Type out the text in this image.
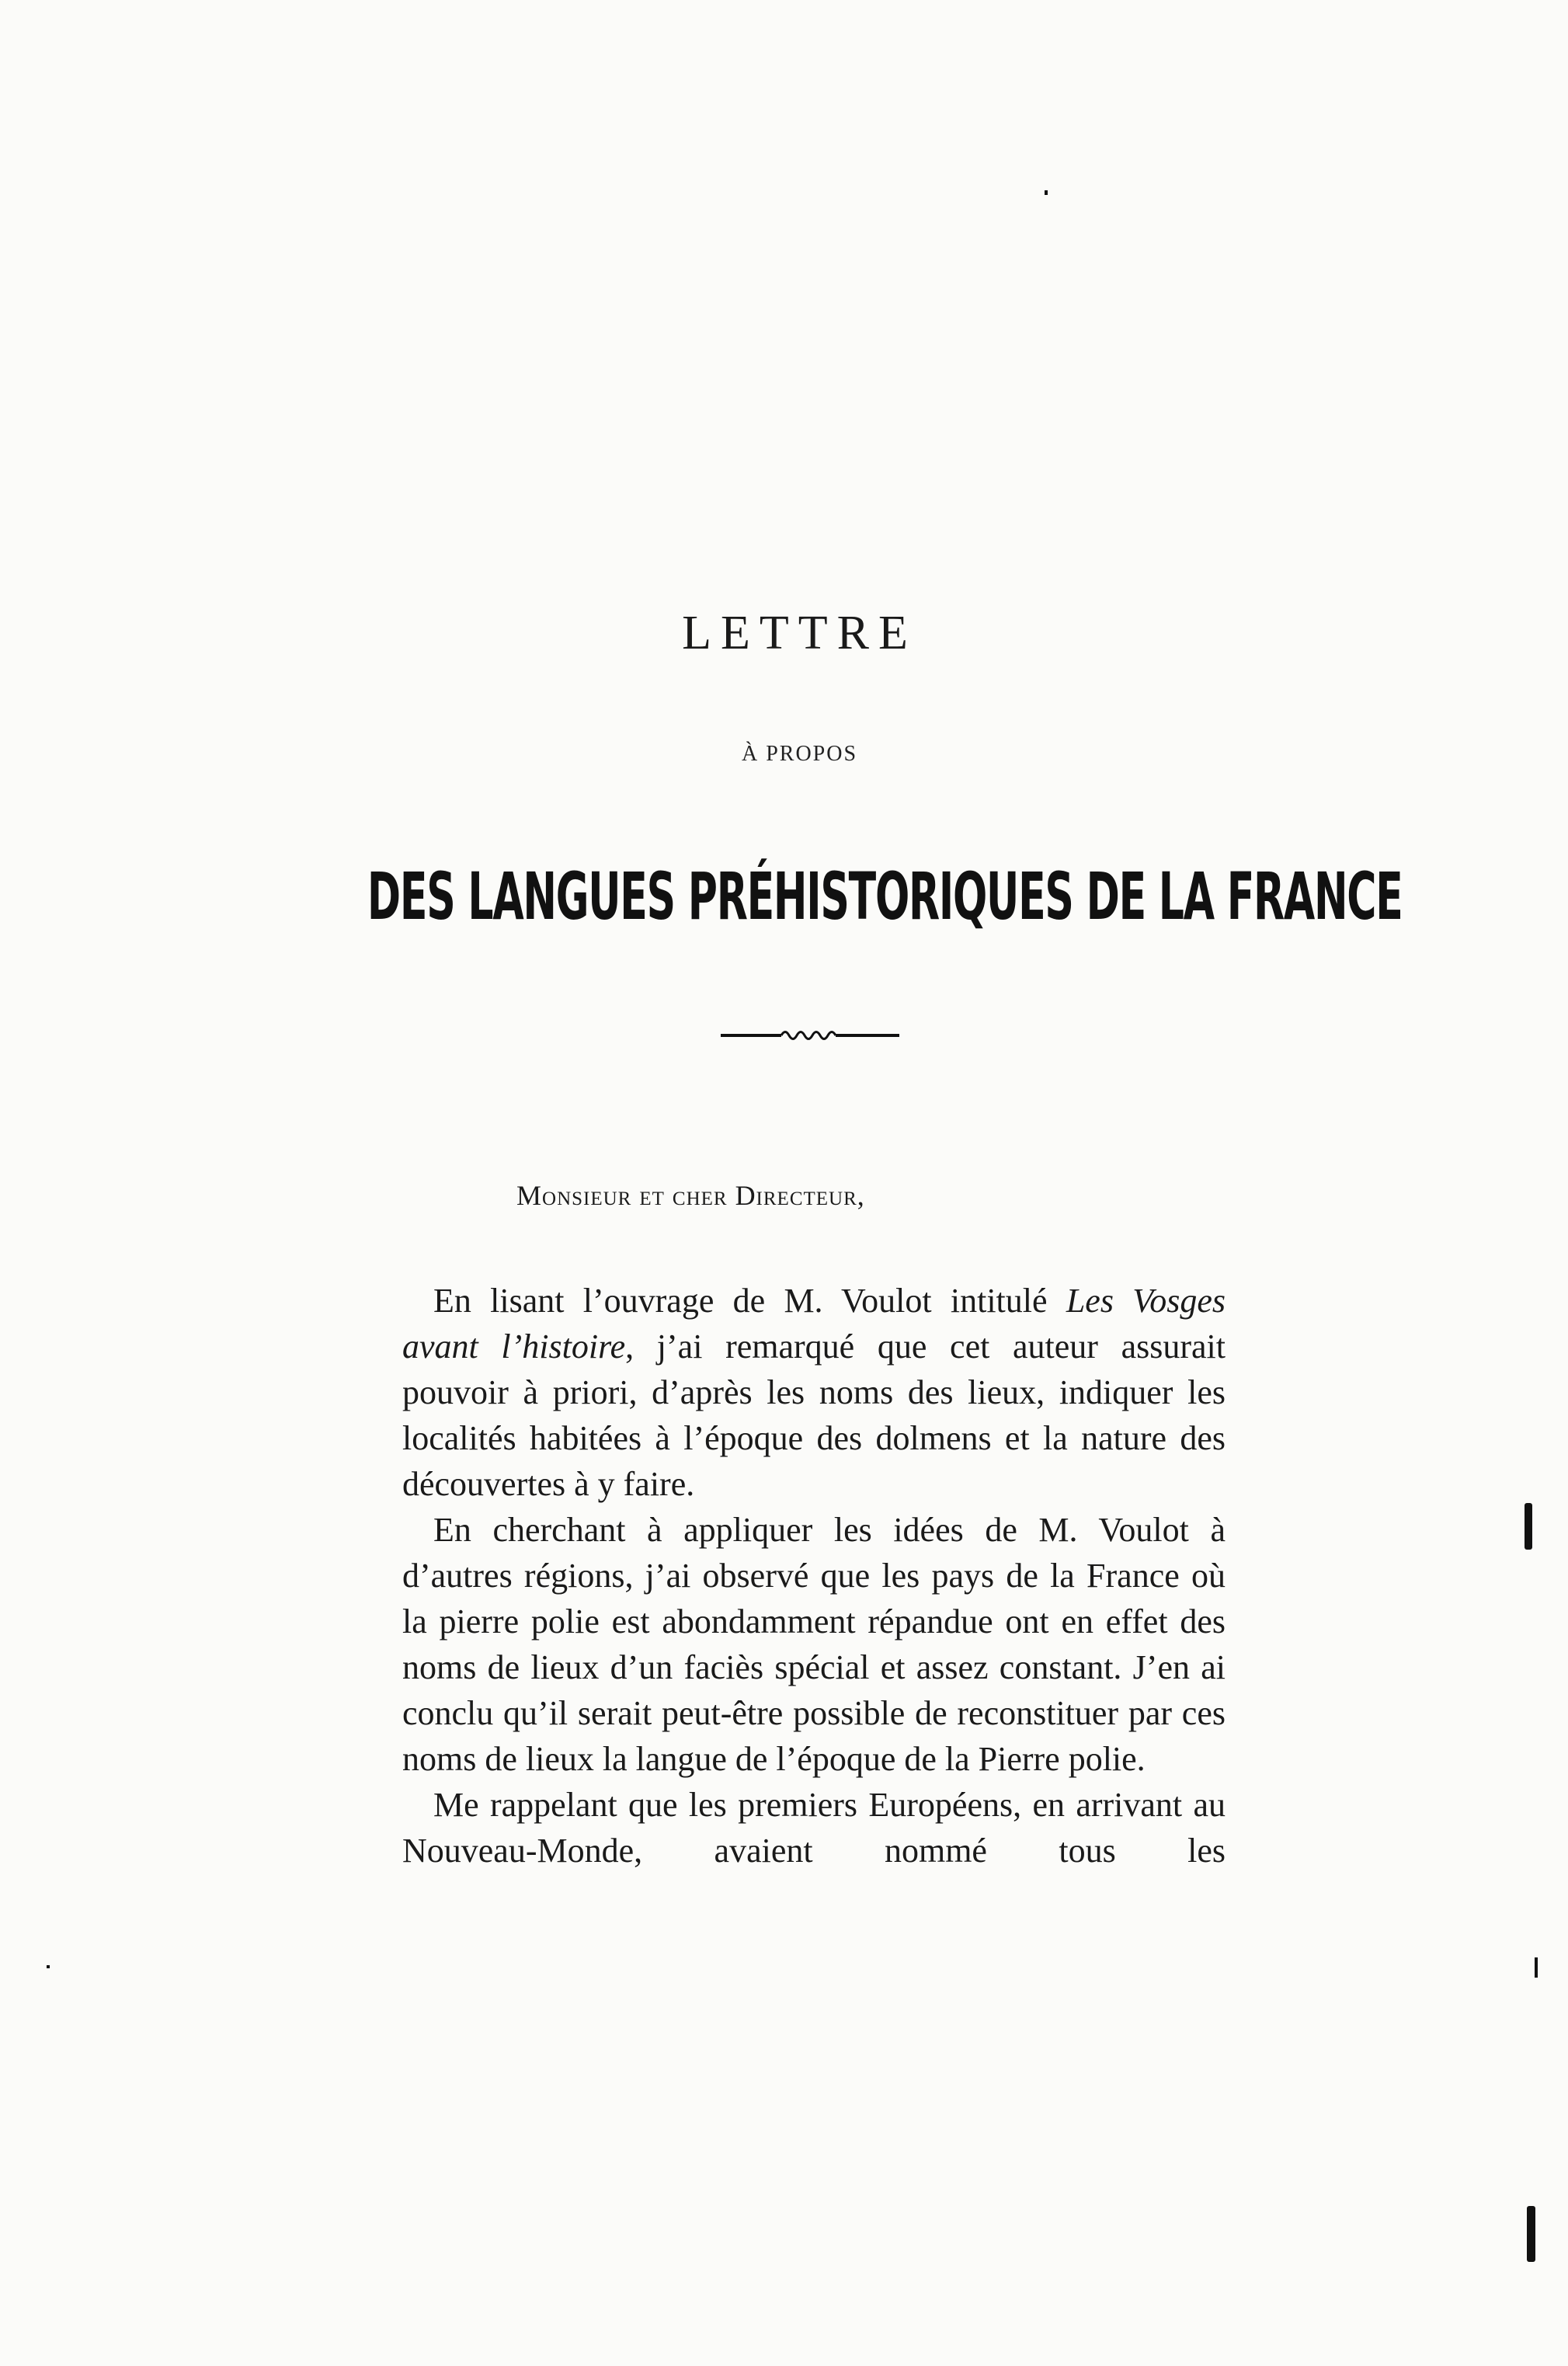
LETTRE
À PROPOS
DES LANGUES PRÉHISTORIQUES DE LA FRANCE
Monsieur et cher Directeur,

En lisant l’ouvrage de M. Voulot intitulé Les Vosges avant l’histoire, j’ai remarqué que cet auteur assurait pouvoir à priori, d’après les noms des lieux, indiquer les localités habitées à l’époque des dolmens et la nature des découvertes à y faire.

En cherchant à appliquer les idées de M. Voulot à d’autres régions, j’ai observé que les pays de la France où la pierre polie est abondamment répandue ont en effet des noms de lieux d’un faciès spécial et assez constant. J’en ai conclu qu’il serait peut-être possible de reconstituer par ces noms de lieux la langue de l’époque de la Pierre polie.

Me rappelant que les premiers Européens, en arrivant au Nouveau-Monde, avaient nommé tous les
